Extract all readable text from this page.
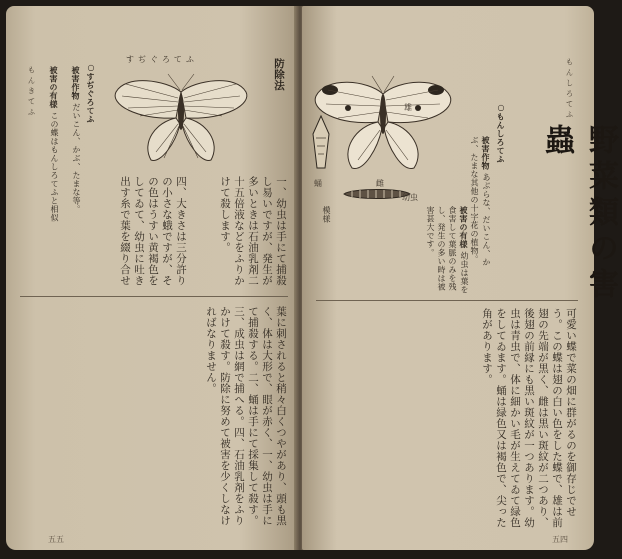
すぢぐろてふ	防除法
一、幼虫は手にて捕殺し易いですが、発生が多いときは石油乳剤二十五倍液などをふりかけて殺します。
四、大きさは三分許りの小さな蛾ですが、その色はうすい黄褐色をしてゐて、幼虫に吐き出す糸で葉を綴り合せ
○すぢぐろてふ
被害作物 だいこん、かぶ、たまな等。
被害の有様 この蝶はもんしろてふと相似
もんきてふ
葉に刺されると稍々白くつやがあり、頭も黒く、体は大形で、眼が赤く、一、幼虫は手にて捕殺する。二、蛹は手にて採集して殺す。三、成虫は網で捕へる。四、石油乳剤をふりかけて殺す。防除に努めて被害を少くしなければなりません。
五五
もんしろてふ
野菜類の害蟲
○もんしろてふ
被害作物 あぶらな、だいこん、かぶ、たまな其他の十字花の植物。
被害の有様 幼虫は葉を食害して葉脈のみを残し、発生の多い時は被害甚大です。
雄
雌
幼虫
蛹
模様
可愛い蝶で菜の畑に群がるのを御存じでせう。この蝶は翅の白い色をした蝶で、雄は前翅の先端が黒く、雌は黒い斑紋が二つあり、後翅の前縁にも黒い斑紋が一つあります。幼虫は青虫で、体に細かい毛が生えてゐて緑色をしてゐます。蛹は緑色又は褐色で、尖った角があります。
五四
